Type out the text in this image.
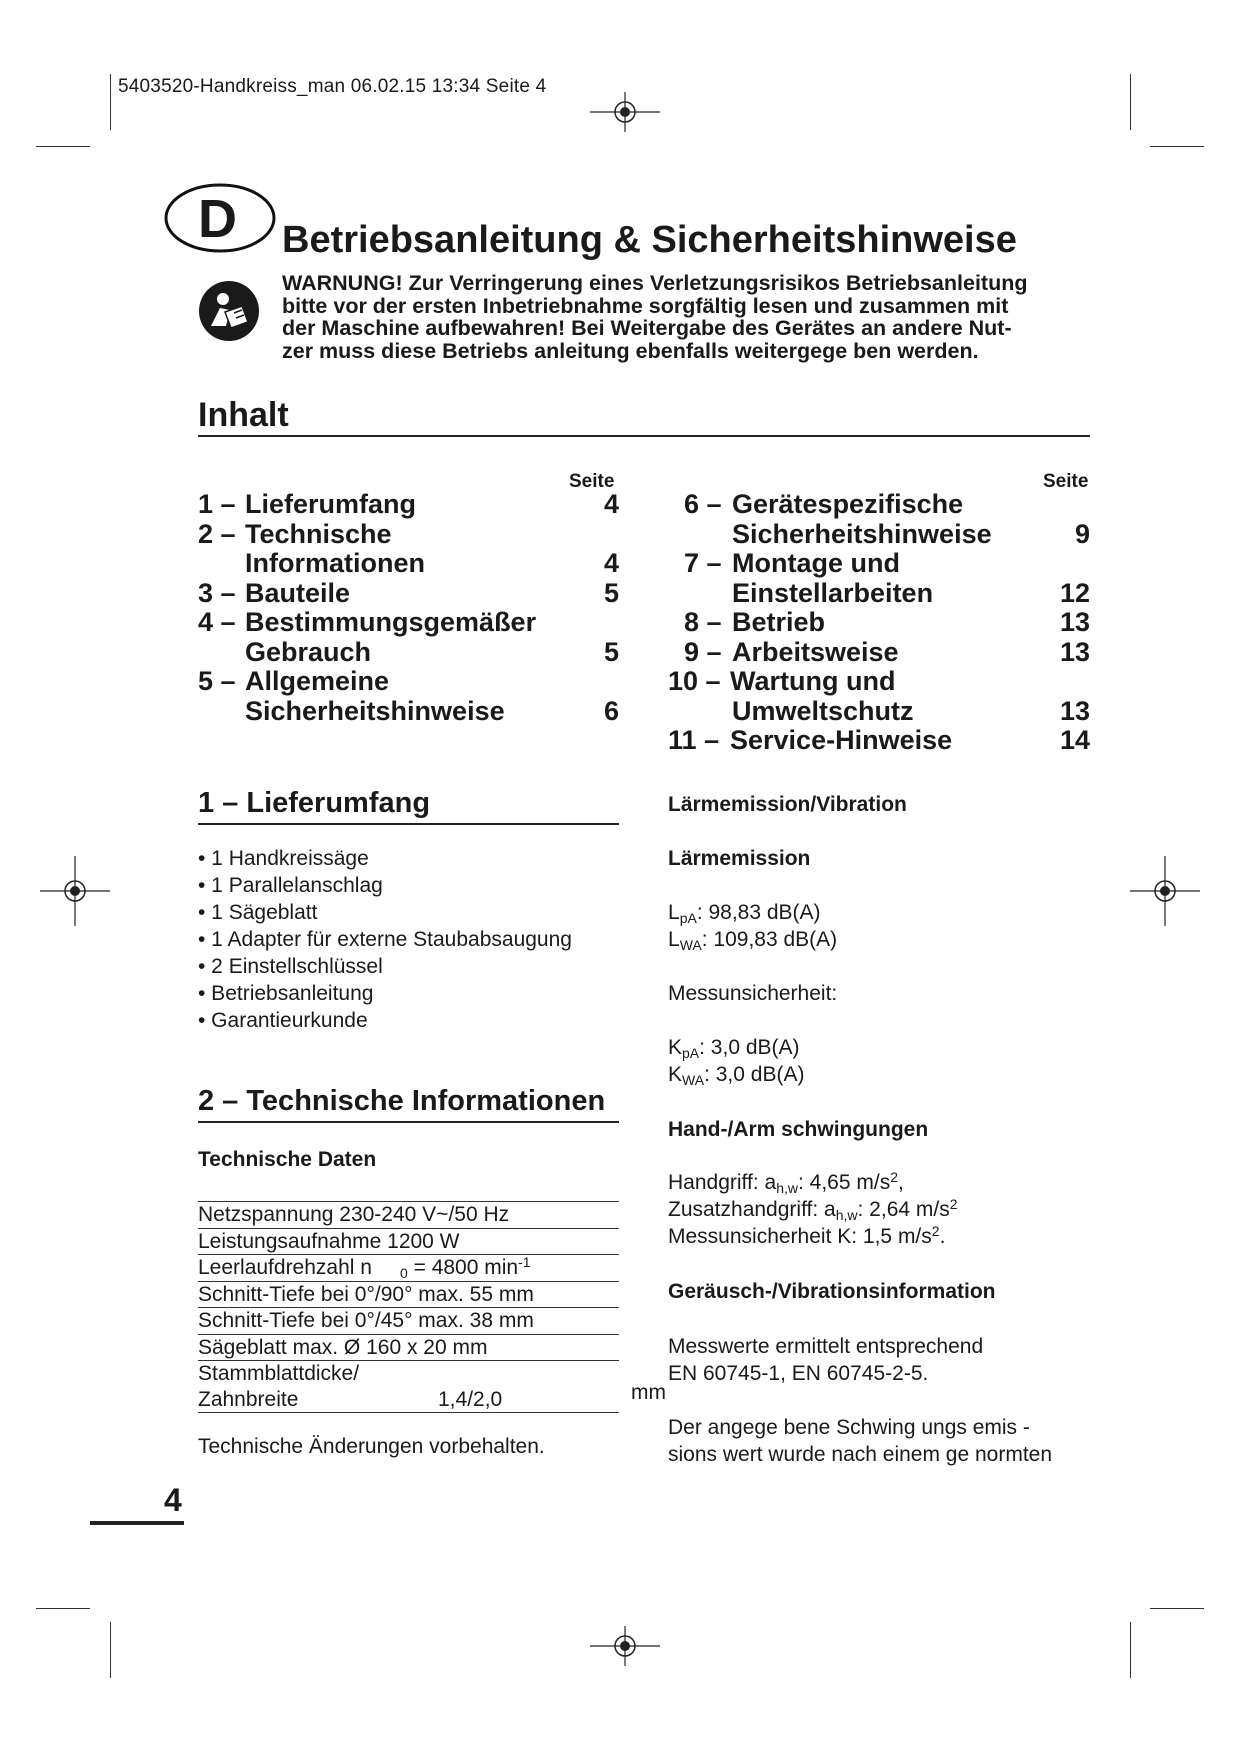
5403520-Handkreiss_man 06.02.15 13:34 Seite 4
D Betriebsanleitung & Sicherheitshinweise
WARNUNG! Zur Verringerung eines Verletzungsrisikos Betriebsanleitung
bitte vor der ersten Inbetriebnahme sorgfältig lesen und zusammen mit
der Maschine aufbewahren! Bei Weitergabe des Gerätes an andere Nut-
zer muss diese Betriebs anleitung ebenfalls weitergege ben werden.
Inhalt
Seite	Seite
1 – Lieferumfang	4
2 – Technische
Informationen	4
3 – Bauteile	5
4 – Bestimmungsgemäßer
Gebrauch	5
5 – Allgemeine
Sicherheitshinweise	6
6 – Gerätespezifische
Sicherheitshinweise	9
7 – Montage und
Einstellarbeiten	12
8 – Betrieb	13
9 – Arbeitsweise	13
10 – Wartung und
Umweltschutz	13
11 – Service-Hinweise	14
1 – Lieferumfang
• 1 Handkreissäge
• 1 Parallelanschlag
• 1 Sägeblatt
• 1 Adapter für externe Staubabsaugung
• 2 Einstellschlüssel
• Betriebsanleitung
• Garantieurkunde
2 – Technische Informationen
Technische Daten
Netzspannung 230-240 V~/50 Hz
Leistungsaufnahme 1200 W
Leerlaufdrehzahl n $_0$ = 4800 $\min^{-1}$
Schnitt-Tiefe bei 0°/90° max. 55 mm
Schnitt-Tiefe bei 0°/45° max. 38 mm
Sägeblatt max. Ø 160 x 20 mm
Stammblattdicke/
Zahnbreite	1,4/2,0	mm
Technische Änderungen vorbehalten.
Lärmemission/Vibration
Lärmemission
$L_{pA}$: 98,83 dB(A)
$L_{WA}$: 109,83 dB(A)
Messunsicherheit:
$K_{pA}$: 3,0 dB(A)
$K_{WA}$: 3,0 dB(A)
Hand-/Arm schwingungen
Handgriff: $a_{h,w}$: 4,65 $m/s^2$,
Zusatzhandgriff: $a_{h,w}$: 2,64 $m/s^2$
Messunsicherheit K: 1,5 $m/s^2$.
Geräusch-/Vibrationsinformation
Messwerte ermittelt entsprechend
EN 60745-1, EN 60745-2-5.
Der angege bene Schwing ungs emis -
sions wert wurde nach einem ge normten
4
